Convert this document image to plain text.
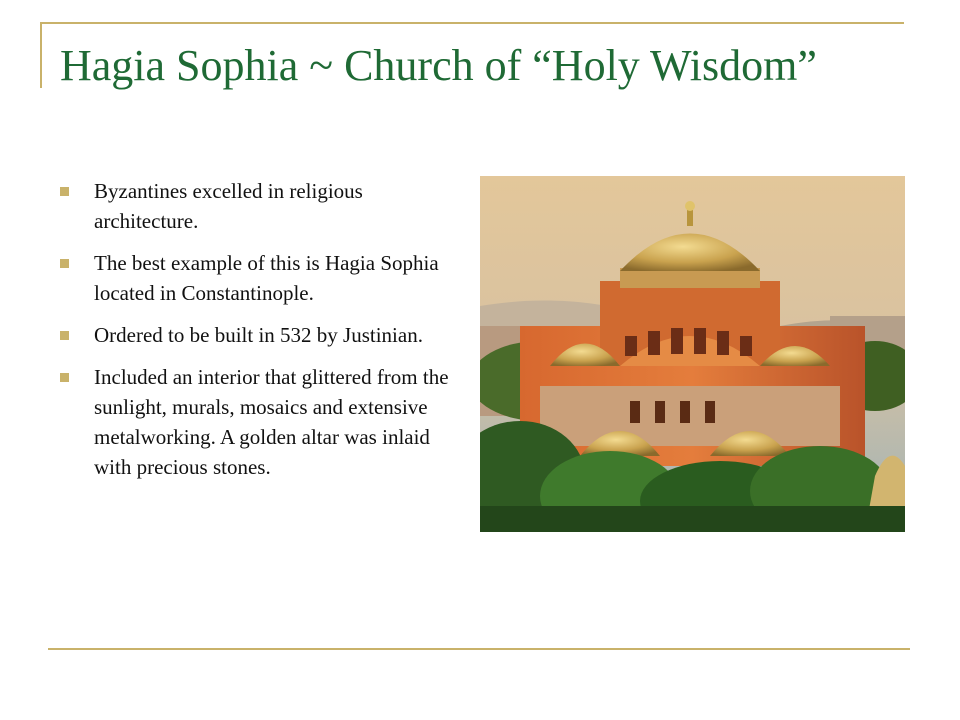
Hagia Sophia ~ Church of “Holy Wisdom”
Byzantines excelled in religious architecture.
The best example of this is Hagia Sophia located in Constantinople.
Ordered to be built in 532 by Justinian.
Included an interior that glittered from the sunlight, murals, mosaics and extensive metalworking. A golden altar was inlaid with precious stones.
